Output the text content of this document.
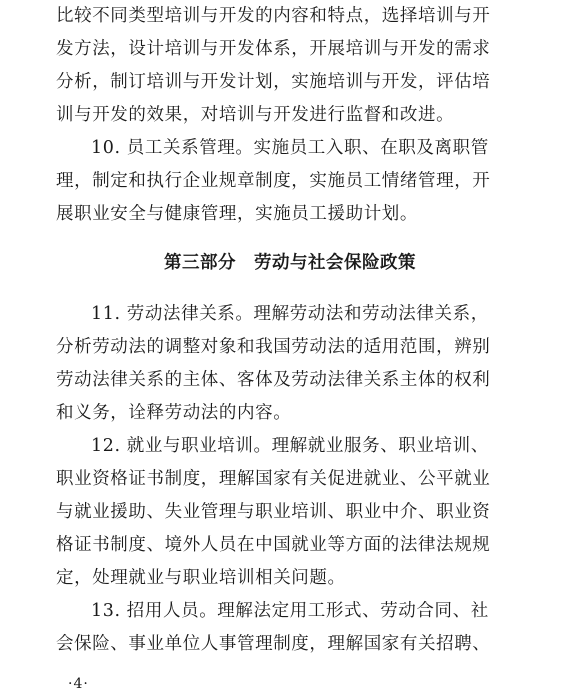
比较不同类型培训与开发的内容和特点，选择培训与开

发方法，设计培训与开发体系，开展培训与开发的需求

分析，制订培训与开发计划，实施培训与开发，评估培

训与开发的效果，对培训与开发进行监督和改进。

10. 员工关系管理。实施员工入职、在职及离职管

理，制定和执行企业规章制度，实施员工情绪管理，开

展职业安全与健康管理，实施员工援助计划。

第三部分　劳动与社会保险政策

11. 劳动法律关系。理解劳动法和劳动法律关系，

分析劳动法的调整对象和我国劳动法的适用范围，辨别

劳动法律关系的主体、客体及劳动法律关系主体的权利

和义务，诠释劳动法的内容。

12. 就业与职业培训。理解就业服务、职业培训、

职业资格证书制度，理解国家有关促进就业、公平就业

与就业援助、失业管理与职业培训、职业中介、职业资

格证书制度、境外人员在中国就业等方面的法律法规规

定，处理就业与职业培训相关问题。

13. 招用人员。理解法定用工形式、劳动合同、社

会保险、事业单位人事管理制度，理解国家有关招聘、

·4·
